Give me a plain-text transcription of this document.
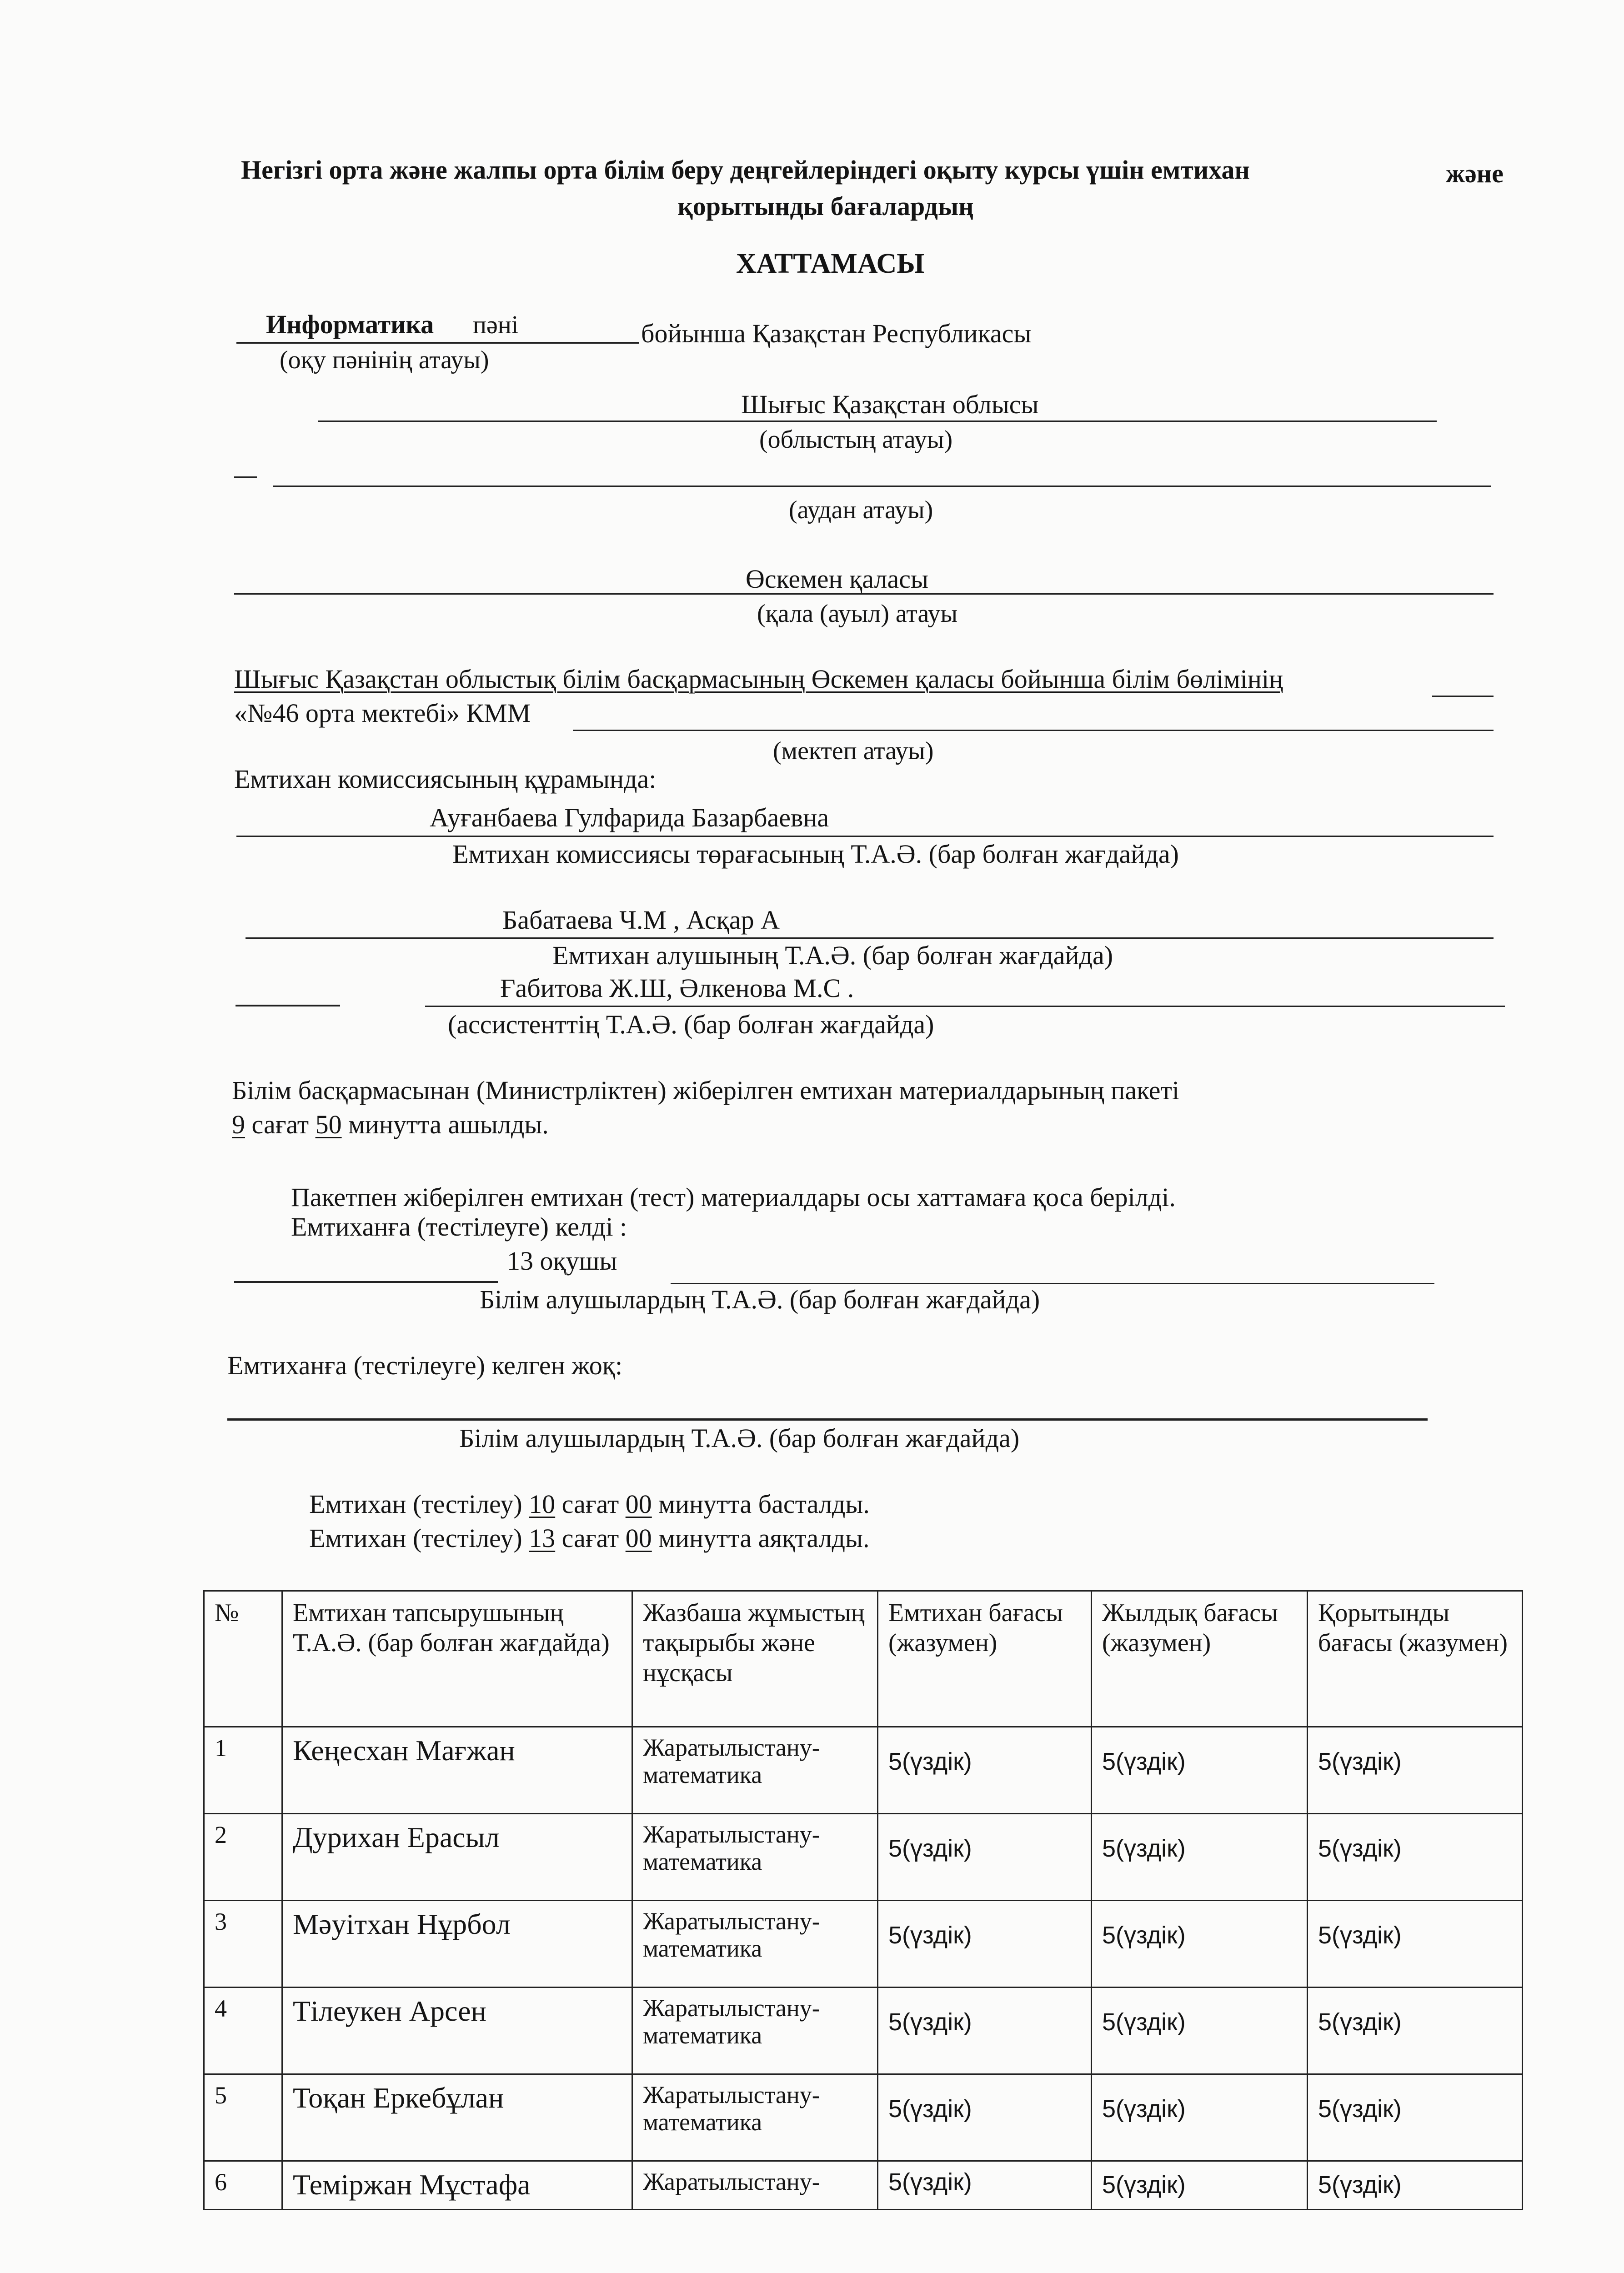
Негізгі орта және жалпы орта білім беру деңгейлеріндегі оқыту курсы үшін емтихан	және
қорытынды бағалардың
ХАТТАМАСЫ
Информатика пәні	бойынша Қазақстан Республикасы
(оқу пәнінің атауы)
Шығыс Қазақстан облысы
(облыстың атауы)
(аудан атауы)
Өскемен қаласы
(қала (ауыл) атауы
Шығыс Қазақстан облыстық білім басқармасының Өскемен қаласы бойынша білім бөлімінің
«№46 орта мектебі» КММ
(мектеп атауы)
Емтихан комиссиясының құрамында:
Ауғанбаева Гулфарида Базарбаевна
Емтихан комиссиясы төрағасының Т.А.Ә. (бар болған жағдайда)
Бабатаева Ч.М , Асқар А
Емтихан алушының Т.А.Ә. (бар болған жағдайда)
Ғабитова Ж.Ш, Әлкенова М.С .
(ассистенттің Т.А.Ә. (бар болған жағдайда)
Білім басқармасынан (Министрліктен) жіберілген емтихан материалдарының пакеті
9 сағат 50 минутта ашылды.
Пакетпен жіберілген емтихан (тест) материалдары осы хаттамаға қоса берілді.
Емтиханға (тестілеуге) келді :
13 оқушы
Білім алушылардың Т.А.Ә. (бар болған жағдайда)
Емтиханға (тестілеуге) келген жоқ:
Білім алушылардың Т.А.Ә. (бар болған жағдайда)
Емтихан (тестілеу) 10 сағат 00 минутта басталды.
Емтихан (тестілеу) 13 сағат 00 минутта аяқталды.
№	Емтихан тапсырушының Т.А.Ә. (бар болған жағдайда)	Жазбаша жұмыстың тақырыбы және нұсқасы	Емтихан бағасы (жазумен)	Жылдық бағасы (жазумен)	Қорытынды бағасы (жазумен)
1	Кеңесхан Мағжан	Жаратылыстану-математика	5(үздік)	5(үздік)	5(үздік)
2	Дурихан Ерасыл	Жаратылыстану-математика	5(үздік)	5(үздік)	5(үздік)
3	Мәуітхан Нұрбол	Жаратылыстану-математика	5(үздік)	5(үздік)	5(үздік)
4	Тілеукен Арсен	Жаратылыстану-математика	5(үздік)	5(үздік)	5(үздік)
5	Тоқан Еркебұлан	Жаратылыстану-математика	5(үздік)	5(үздік)	5(үздік)
6	Теміржан Мұстафа	Жаратылыстану-	5(үздік)	5(үздік)	5(үздік)
